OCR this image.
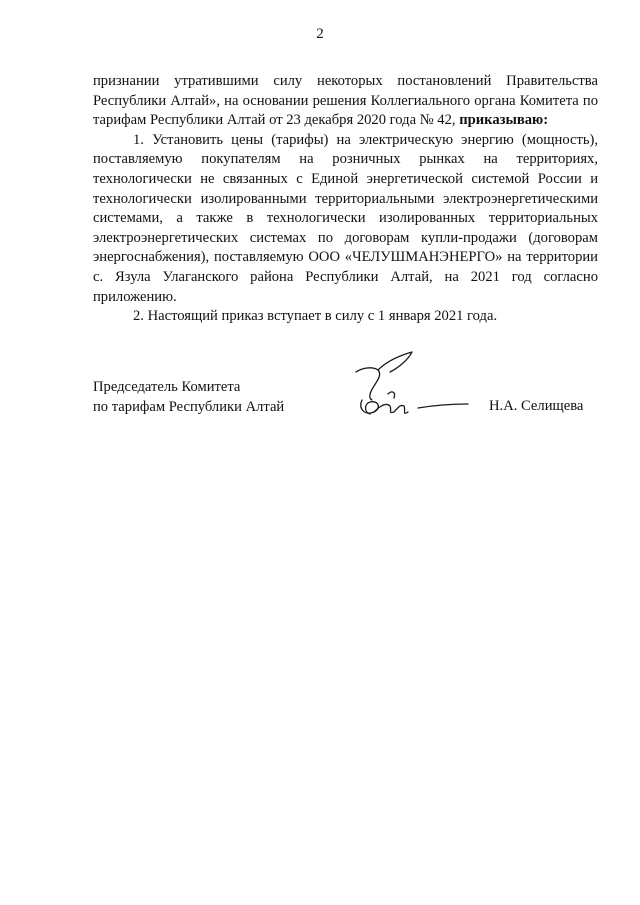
2

признании утратившими силу некоторых постановлений Правительства Республики Алтай», на основании решения Коллегиального органа Комитета по тарифам Республики Алтай от 23 декабря 2020 года № 42, приказываю:

1. Установить цены (тарифы) на электрическую энергию (мощность), поставляемую покупателям на розничных рынках на территориях, технологически не связанных с Единой энергетической системой России и технологически изолированными территориальными электроэнергетическими системами, а также в технологически изолированных территориальных электроэнергетических системах по договорам купли-продажи (договорам энергоснабжения), поставляемую ООО «ЧЕЛУШМАНЭНЕРГО» на территории с. Язула Улаганского района Республики Алтай, на 2021 год согласно приложению.

2. Настоящий приказ вступает в силу с 1 января 2021 года.

Председатель Комитета
по тарифам Республики Алтай	Н.А. Селищева
